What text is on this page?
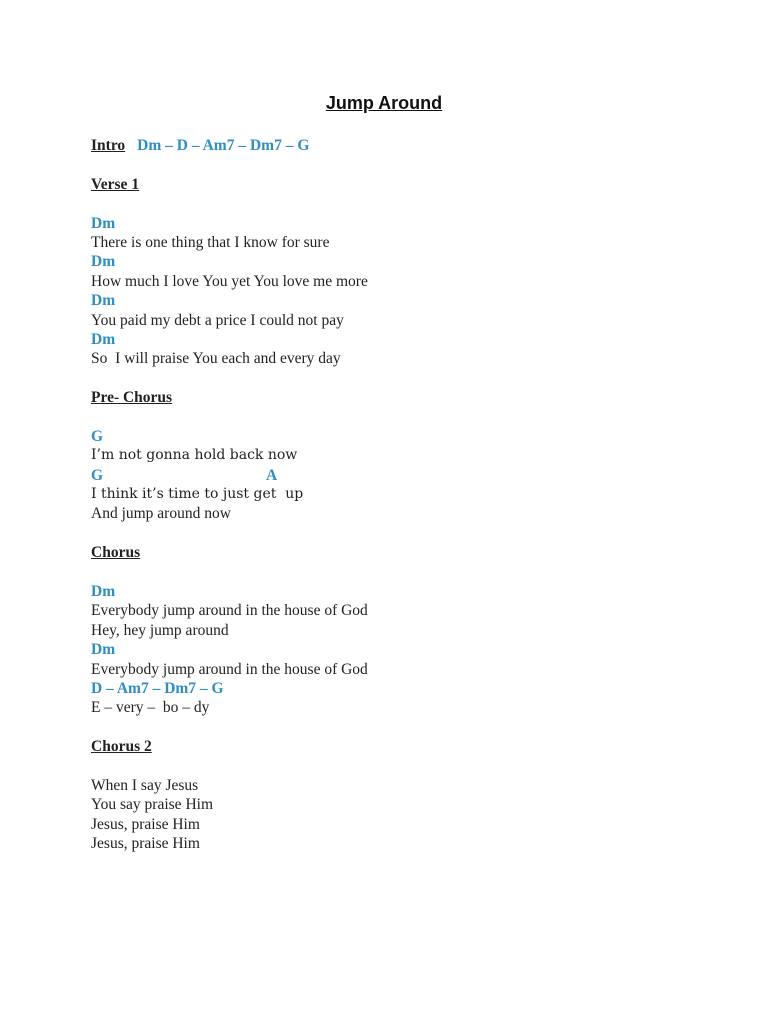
Jump Around
Intro Dm – D – Am7 – Dm7 – G
Verse 1
Dm
There is one thing that I know for sure
Dm
How much I love You yet You love me more
Dm
You paid my debt a price I could not pay
Dm
So  I will praise You each and every day
Pre- Chorus
G
I’m not gonna hold back now
G	A
I think it’s time to just get  up
And jump around now
Chorus
Dm
Everybody jump around in the house of God
Hey, hey jump around
Dm
Everybody jump around in the house of God
D – Am7 – Dm7 – G
E – very –  bo – dy
Chorus 2
When I say Jesus
You say praise Him
Jesus, praise Him
Jesus, praise Him
